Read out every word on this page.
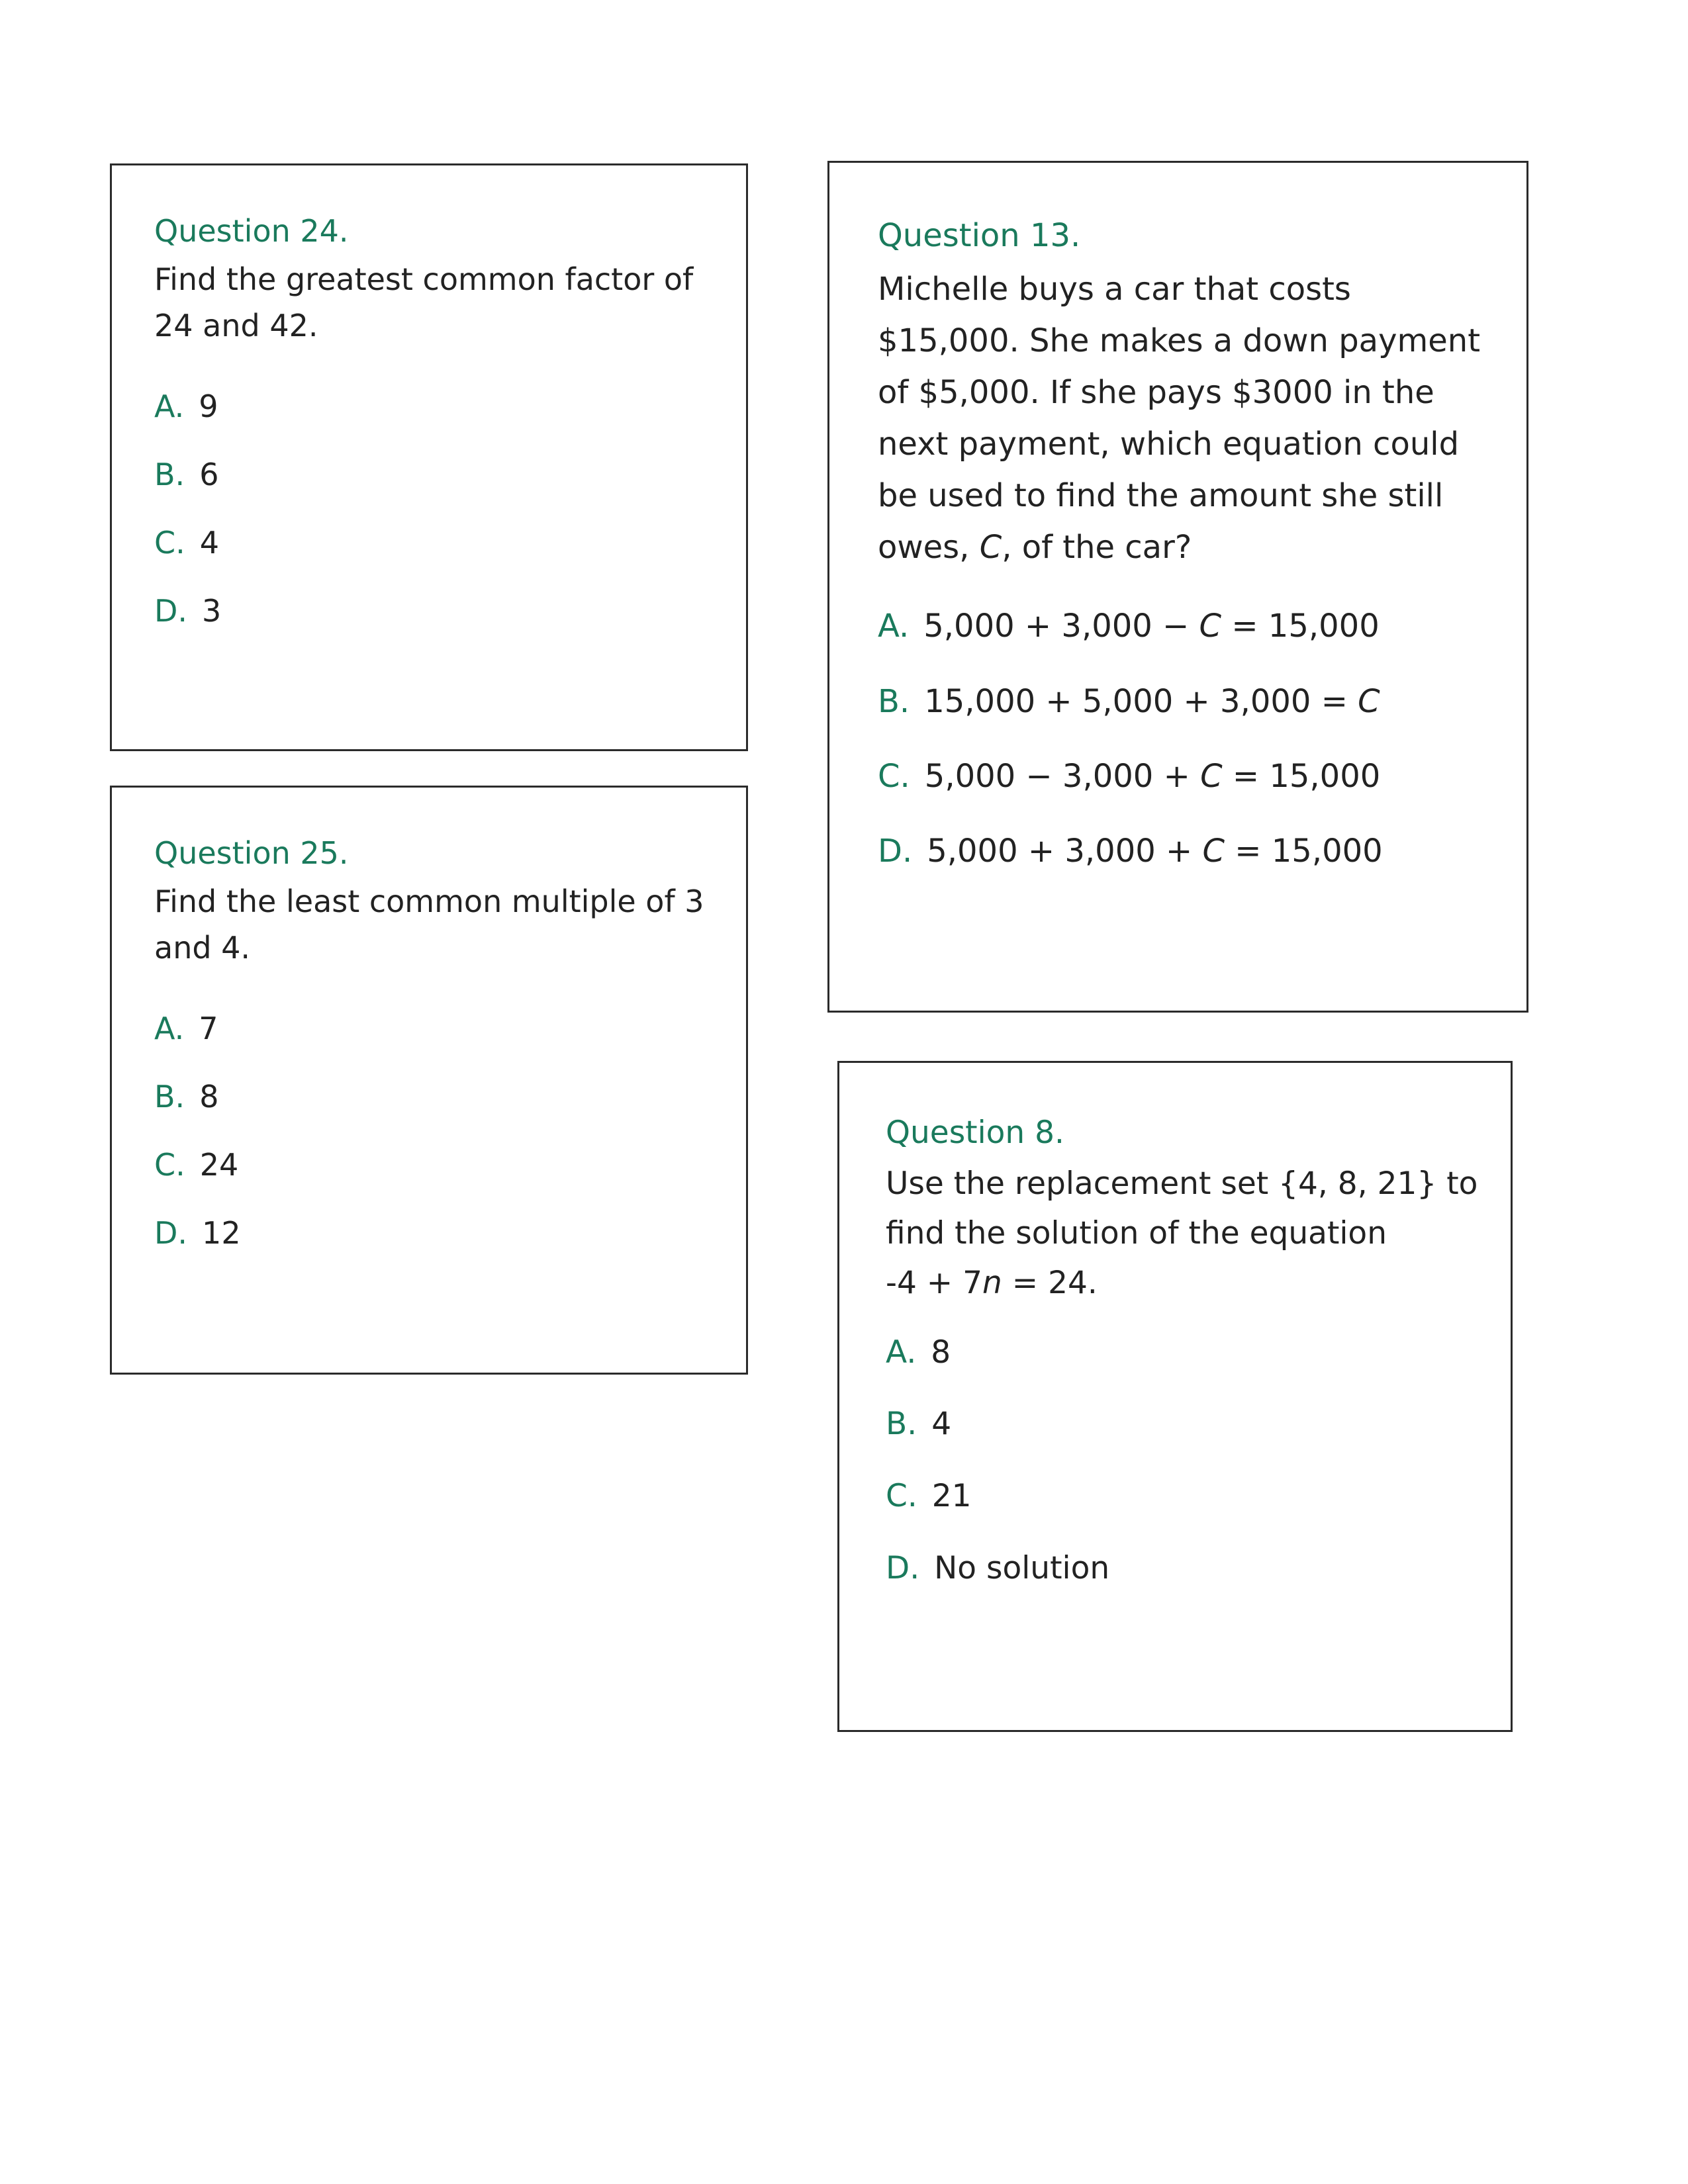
Question 24.

Find the greatest common factor of
24 and 42.

A. 9
B. 6
C. 4
D. 3
Question 25.

Find the least common multiple of 3
and 4.

A. 7
B. 8
C. 24
D. 12
Question 13.

Michelle buys a car that costs
$15,000. She makes a down payment
of $5,000. If she pays $3000 in the
next payment, which equation could
be used to find the amount she still
owes, C, of the car?

A. 5,000 + 3,000 − C = 15,000
B. 15,000 + 5,000 + 3,000 = C
C. 5,000 − 3,000 + C = 15,000
D. 5,000 + 3,000 + C = 15,000
Question 8.

Use the replacement set {4, 8, 21} to
find the solution of the equation
-4 + 7n = 24.

A. 8
B. 4
C. 21
D. No solution
